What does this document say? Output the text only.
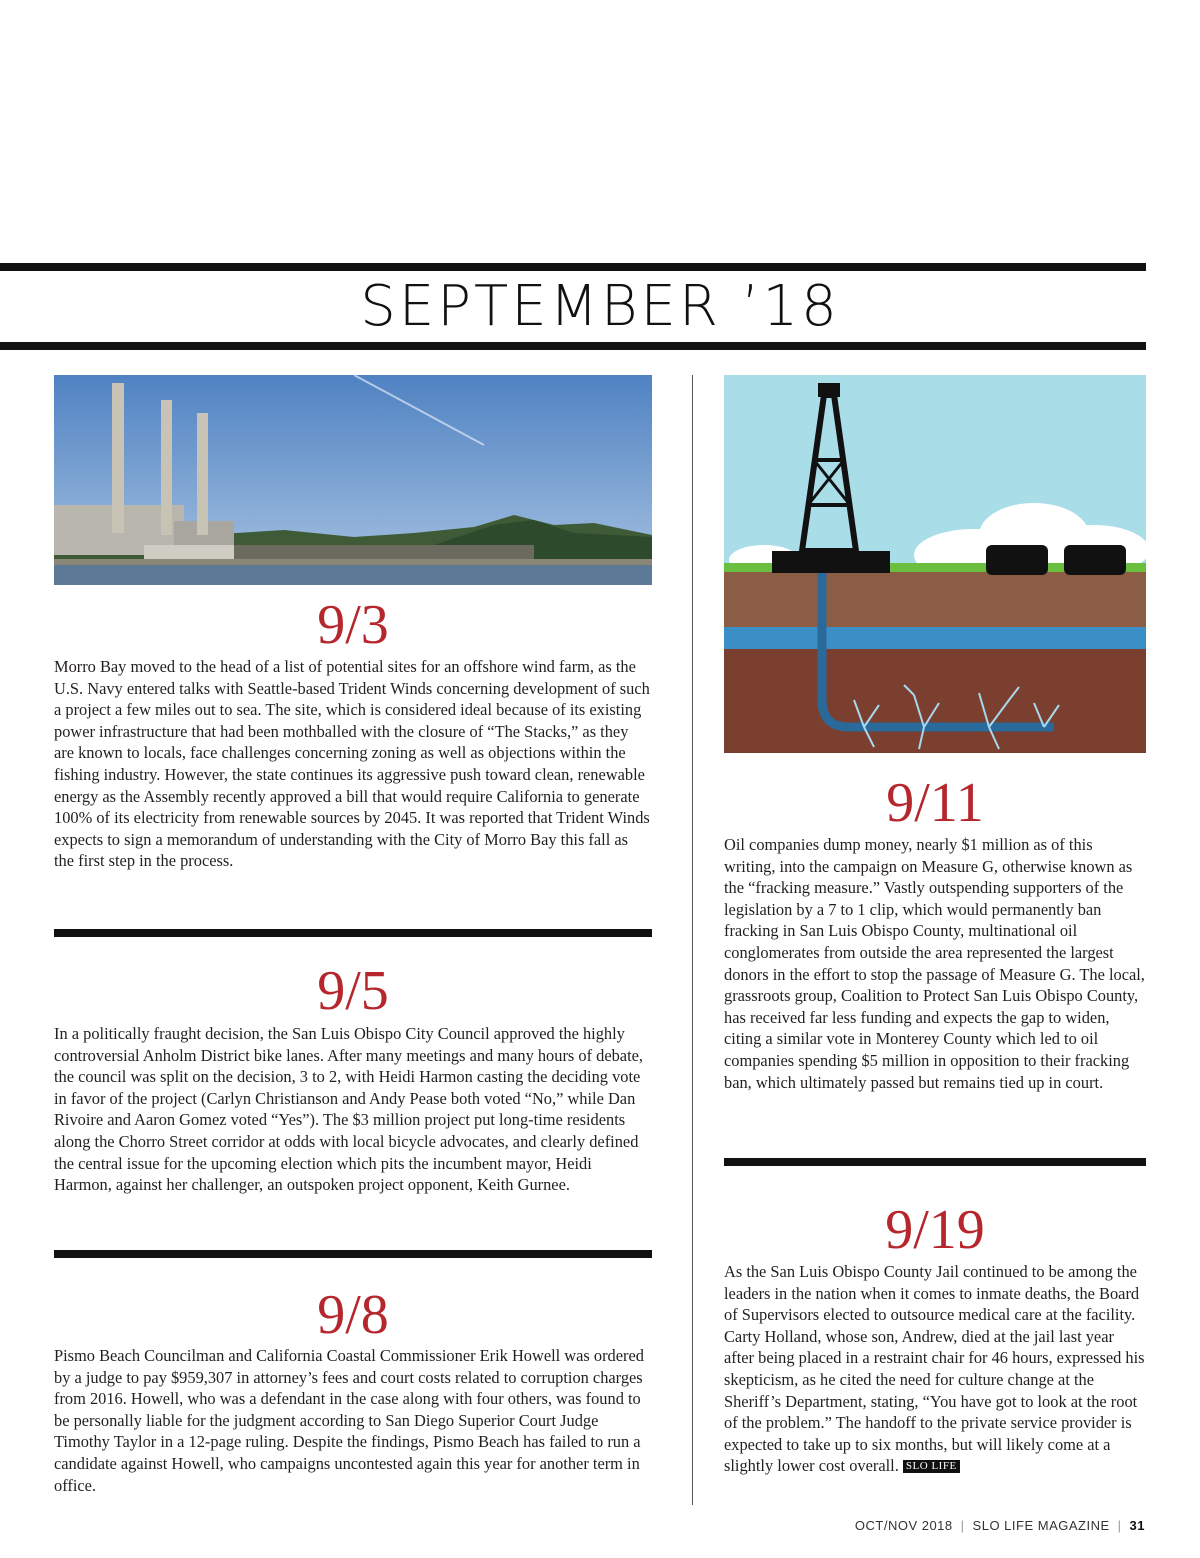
SEPTEMBER ’18
9/3
Morro Bay moved to the head of a list of potential sites for an offshore wind farm, as the U.S. Navy entered talks with Seattle-based Trident Winds concerning development of such a project a few miles out to sea. The site, which is considered ideal because of its existing power infrastructure that had been mothballed with the closure of “The Stacks,” as they are known to locals, face challenges concerning zoning as well as objections within the fishing industry. However, the state continues its aggressive push toward clean, renewable energy as the Assembly recently approved a bill that would require California to generate 100% of its electricity from renewable sources by 2045. It was reported that Trident Winds expects to sign a memorandum of understanding with the City of Morro Bay this fall as the first step in the process.
9/5
In a politically fraught decision, the San Luis Obispo City Council approved the highly controversial Anholm District bike lanes. After many meetings and many hours of debate, the council was split on the decision, 3 to 2, with Heidi Harmon casting the deciding vote in favor of the project (Carlyn Christianson and Andy Pease both voted “No,” while Dan Rivoire and Aaron Gomez voted “Yes”). The $3 million project put long-time residents along the Chorro Street corridor at odds with local bicycle advocates, and clearly defined the central issue for the upcoming election which pits the incumbent mayor, Heidi Harmon, against her challenger, an outspoken project opponent, Keith Gurnee.
9/8
Pismo Beach Councilman and California Coastal Commissioner Erik Howell was ordered by a judge to pay $959,307 in attorney’s fees and court costs related to corruption charges from 2016. Howell, who was a defendant in the case along with four others, was found to be personally liable for the judgment according to San Diego Superior Court Judge Timothy Taylor in a 12-page ruling. Despite the findings, Pismo Beach has failed to run a candidate against Howell, who campaigns uncontested again this year for another term in office.
9/11
Oil companies dump money, nearly $1 million as of this writing, into the campaign on Measure G, otherwise known as the “fracking measure.” Vastly outspending supporters of the legislation by a 7 to 1 clip, which would permanently ban fracking in San Luis Obispo County, multinational oil conglomerates from outside the area represented the largest donors in the effort to stop the passage of Measure G. The local, grassroots group, Coalition to Protect San Luis Obispo County, has received far less funding and expects the gap to widen, citing a similar vote in Monterey County which led to oil companies spending $5 million in opposition to their fracking ban, which ultimately passed but remains tied up in court.
9/19
As the San Luis Obispo County Jail continued to be among the leaders in the nation when it comes to inmate deaths, the Board of Supervisors elected to outsource medical care at the facility. Carty Holland, whose son, Andrew, died at the jail last year after being placed in a restraint chair for 46 hours, expressed his skepticism, as he cited the need for culture change at the Sheriff’s Department, stating, “You have got to look at the root of the problem.” The handoff to the private service provider is expected to take up to six months, but will likely come at a slightly lower cost overall. SLO LIFE
OCT/NOV 2018 | SLO LIFE MAGAZINE | 31
